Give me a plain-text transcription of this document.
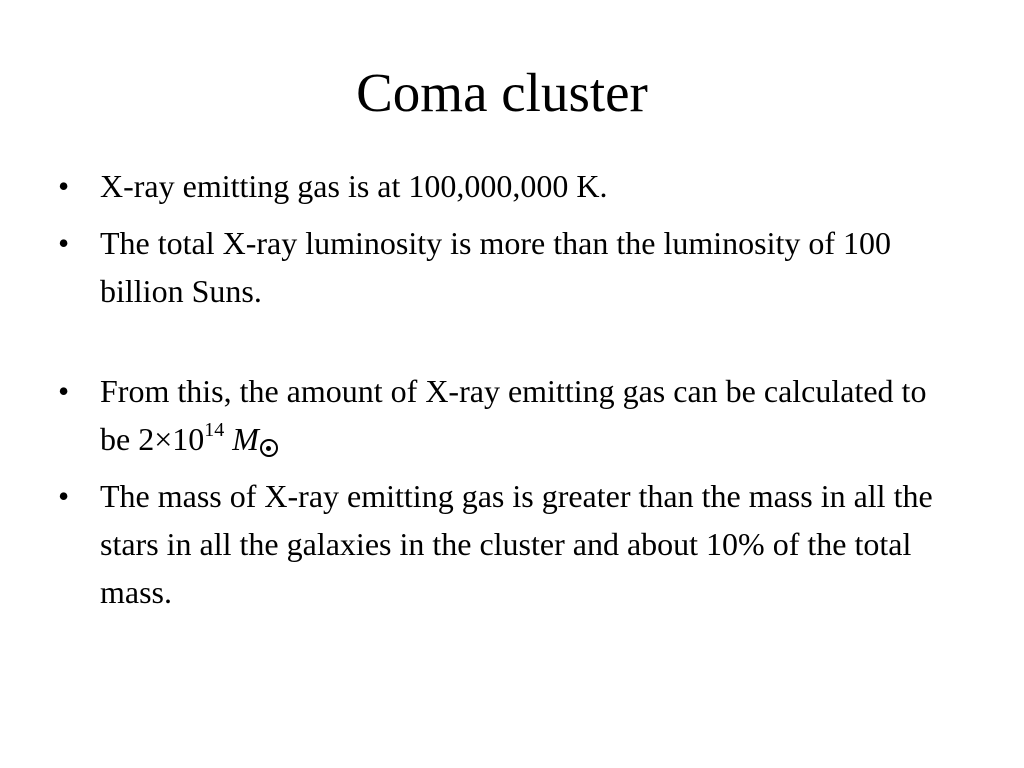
Coma cluster
• X-ray emitting gas is at 100,000,000 K.
• The total X-ray luminosity is more than the luminosity of 100 billion Suns.
• From this, the amount of X-ray emitting gas can be calculated to be $2\times 10^{14}$ M
• The mass of X-ray emitting gas is greater than the mass in all the stars in all the galaxies in the cluster and about 10% of the total mass.
